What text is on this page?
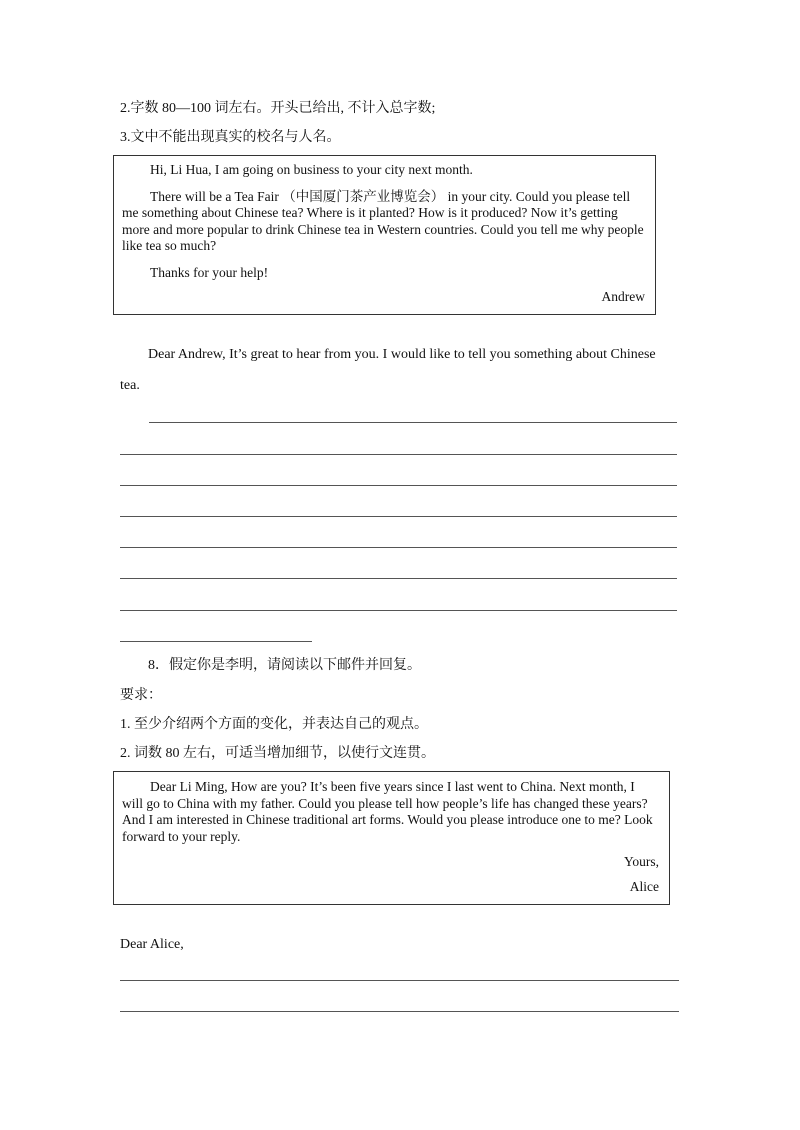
2.字数 80—100 词左右。开头已给出, 不计入总字数;
3.文中不能出现真实的校名与人名。

Hi, Li Hua, I am going on business to your city next month.

There will be a Tea Fair （中国厦门茶产业博览会） in your city. Could you please tell me something about Chinese tea? Where is it planted? How is it produced? Now it’s getting more and more popular to drink Chinese tea in Western countries. Could you tell me why people like tea so much?

Thanks for your help!

Andrew

Dear Andrew, It’s great to hear from you. I would like to tell you something about Chinese
tea.
8．假定你是李明，请阅读以下邮件并回复。
要求：
1. 至少介绍两个方面的变化，并表达自己的观点。
2. 词数 80 左右，可适当增加细节，以使行文连贯。

Dear Li Ming, How are you? It’s been five years since I last went to China. Next month, I will go to China with my father. Could you please tell how people’s life has changed these years? And I am interested in Chinese traditional art forms. Would you please introduce one to me? Look forward to your reply.

Yours,

Alice

Dear Alice,
